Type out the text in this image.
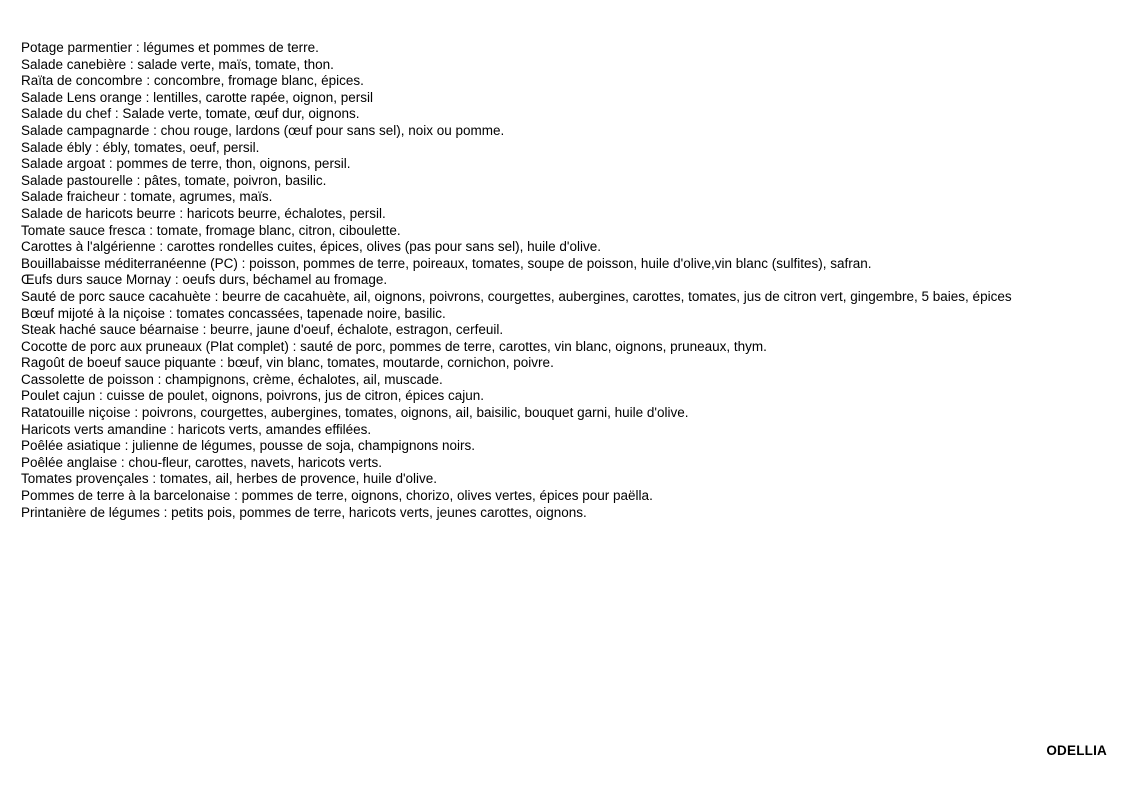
Potage parmentier : légumes et pommes de terre.
Salade canebière : salade verte, maïs, tomate, thon.
Raïta de concombre : concombre, fromage blanc, épices.
Salade Lens orange : lentilles, carotte rapée, oignon, persil
Salade du chef : Salade verte, tomate, œuf dur, oignons.
Salade campagnarde : chou rouge, lardons (œuf pour sans sel), noix ou pomme.
Salade ébly : ébly, tomates, oeuf, persil.
Salade argoat : pommes de terre, thon, oignons, persil.
Salade pastourelle : pâtes, tomate, poivron, basilic.
Salade fraicheur : tomate, agrumes, maïs.
Salade de haricots beurre : haricots beurre, échalotes, persil.
Tomate sauce fresca : tomate, fromage blanc, citron, ciboulette.
Carottes à l'algérienne : carottes rondelles cuites, épices, olives (pas pour sans sel), huile d'olive.
Bouillabaisse méditerranéenne (PC) : poisson, pommes de terre, poireaux, tomates, soupe de poisson, huile d'olive,vin blanc (sulfites), safran.
Œufs durs sauce Mornay : oeufs durs, béchamel au fromage.
Sauté de porc sauce cacahuète : beurre de cacahuète, ail, oignons, poivrons, courgettes, aubergines, carottes, tomates, jus de citron vert, gingembre, 5 baies, épices
Bœuf mijoté à la niçoise : tomates concassées, tapenade noire, basilic.
Steak haché sauce béarnaise : beurre, jaune d'oeuf, échalote, estragon, cerfeuil.
Cocotte de porc aux pruneaux (Plat complet) : sauté de porc, pommes de terre, carottes, vin blanc, oignons, pruneaux, thym.
Ragoût de boeuf sauce piquante : bœuf, vin blanc, tomates, moutarde, cornichon, poivre.
Cassolette de poisson : champignons, crème, échalotes, ail, muscade.
Poulet cajun : cuisse de poulet, oignons, poivrons, jus de citron, épices cajun.
Ratatouille niçoise : poivrons, courgettes, aubergines, tomates, oignons, ail, baisilic, bouquet garni, huile d'olive.
Haricots verts amandine : haricots verts, amandes effilées.
Poêlée asiatique : julienne de légumes, pousse de soja, champignons noirs.
Poêlée anglaise : chou-fleur, carottes, navets, haricots verts.
Tomates provençales : tomates, ail, herbes de provence, huile d'olive.
Pommes de terre à la barcelonaise : pommes de terre, oignons, chorizo, olives vertes, épices pour paëlla.
Printanière de légumes : petits pois, pommes de terre, haricots verts, jeunes carottes, oignons.
ODELLIA
